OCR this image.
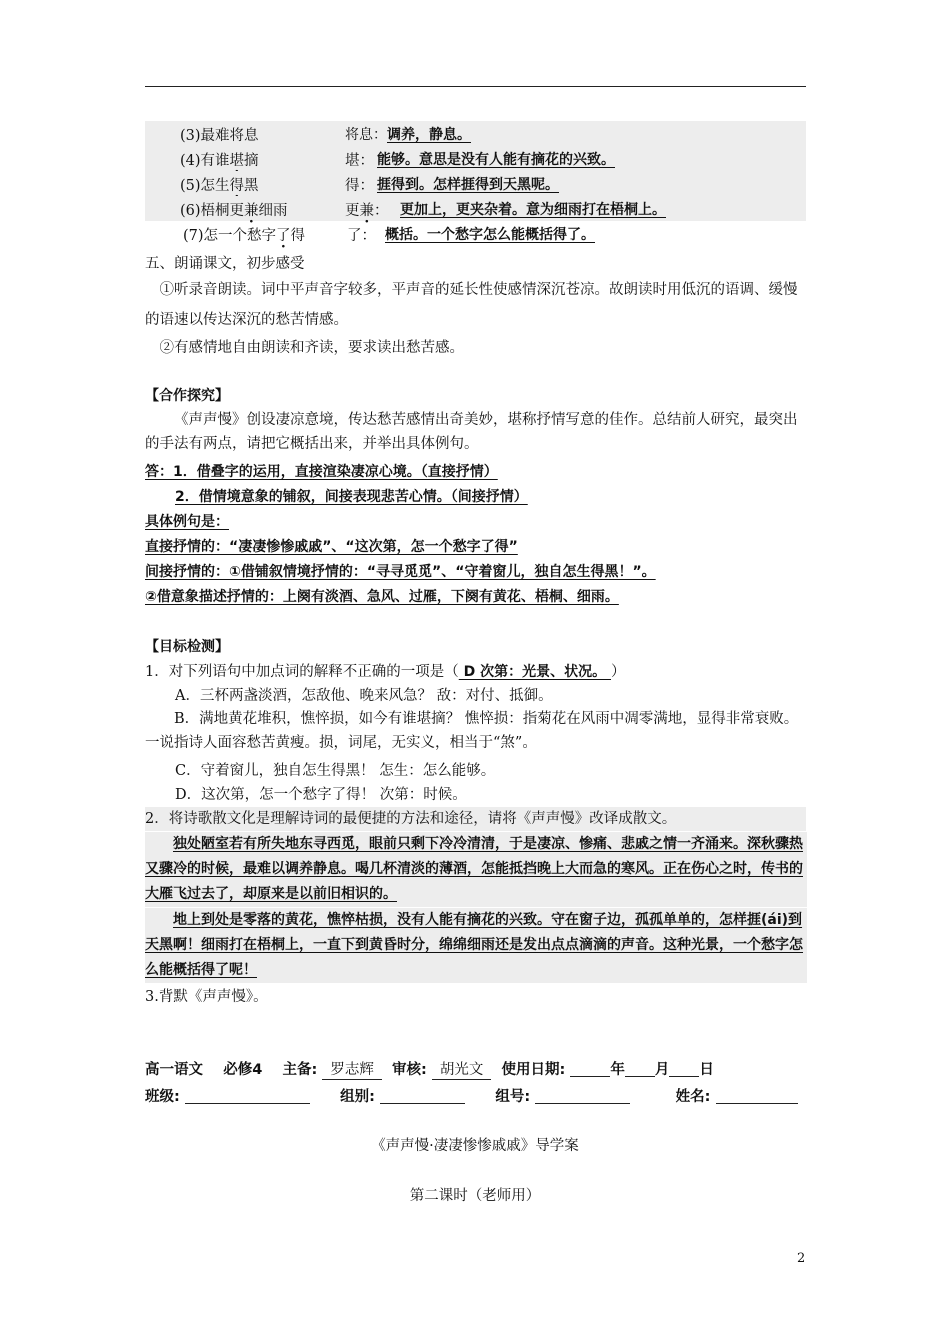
(3)最难将息	将息： 调养，静息。
(4)有谁堪摘	堪： 能够。意思是没有人能有摘花的兴致。
(5)怎生得黑	得： 捱得到。怎样捱得到天黑呢。
(6)梧桐更兼细雨	更兼： 更加上，更夹杂着。意为细雨打在梧桐上。
(7)怎一个愁字了得	了： 概括。一个愁字怎么能概括得了。
五、朗诵课文，初步感受
①听录音朗读。词中平声音字较多，平声音的延长性使感情深沉苍凉。故朗读时用低沉的语调、缓慢的语速以传达深沉的愁苦情感。
②有感情地自由朗读和齐读，要求读出愁苦感。
【合作探究】
《声声慢》创设凄凉意境，传达愁苦感情出奇美妙，堪称抒情写意的佳作。总结前人研究，最突出的手法有两点，请把它概括出来，并举出具体例句。
答：1．借叠字的运用，直接渲染凄凉心境。（直接抒情）
2．借情境意象的铺叙，间接表现悲苦心情。（间接抒情）
具体例句是：
直接抒情的：“凄凄惨惨戚戚”、“这次第，怎一个愁字了得”
间接抒情的：①借铺叙情境抒情的：“寻寻觅觅”、“守着窗儿，独自怎生得黑！”。
②借意象描述抒情的：上阕有淡酒、急风、过雁，下阕有黄花、梧桐、细雨。
【目标检测】
1．对下列语句中加点词的解释不正确的一项是（ D 次第：光景、状况。 ）
A．三杯两盏淡酒，怎敌他、晚来风急？ 敌：对付、抵御。
B．满地黄花堆积，憔悴损，如今有谁堪摘？ 憔悴损：指菊花在风雨中凋零满地，显得非常衰败。一说指诗人面容愁苦黄瘦。损，词尾，无实义，相当于“煞”。
C．守着窗儿，独自怎生得黑！ 怎生：怎么能够。
D．这次第，怎一个愁字了得！ 次第：时候。
2．将诗歌散文化是理解诗词的最便捷的方法和途径，请将《声声慢》改译成散文。
独处陋室若有所失地东寻西觅，眼前只剩下冷冷清清，于是凄凉、惨痛、悲戚之情一齐涌来。深秋骤热又骤冷的时候，最难以调养静息。喝几杯清淡的薄酒，怎能抵挡晚上大而急的寒风。正在伤心之时，传书的大雁飞过去了，却原来是以前旧相识的。
地上到处是零落的黄花，憔悴枯损，没有人能有摘花的兴致。守在窗子边，孤孤单单的，怎样捱(ái)到天黑啊！细雨打在梧桐上，一直下到黄昏时分，绵绵细雨还是发出点点滴滴的声音。这种光景，一个愁字怎么能概括得了呢！
3.背默《声声慢》。
高一语文 必修4 主备: 罗志辉 审核: 胡光文 使用日期:	年 月 日
班级:	组别:	组号:	姓名:
《声声慢·凄凄惨惨戚戚》导学案
第二课时（老师用）
2
